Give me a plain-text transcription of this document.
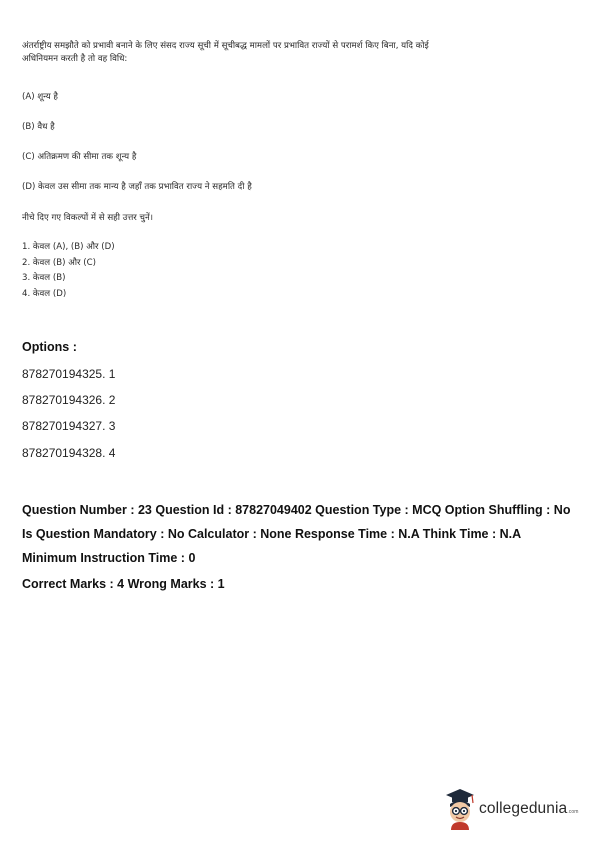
अंतर्राष्ट्रीय समझौते को प्रभावी बनाने के लिए संसद राज्य सूची में सूचीबद्ध मामलों पर प्रभावित राज्यों से परामर्श किए बिना, यदि कोई अधिनियमन करती है तो वह विधि:

(A) शून्य है
(B) वैध है
(C) अतिक्रमण की सीमा तक शून्य है
(D) केवल उस सीमा तक मान्य है जहाँ तक प्रभावित राज्य ने सहमति दी है
नीचे दिए गए विकल्पों में से सही उत्तर चुनें।
1. केवल (A), (B) और (D)
2. केवल (B) और (C)
3. केवल (B)
4. केवल (D)
Options :
878270194325. 1
878270194326. 2
878270194327. 3
878270194328. 4
Question Number : 23 Question Id : 87827049402 Question Type : MCQ Option Shuffling : No
Is Question Mandatory : No Calculator : None Response Time : N.A Think Time : N.A
Minimum Instruction Time : 0
Correct Marks : 4 Wrong Marks : 1
collegedunia.com
